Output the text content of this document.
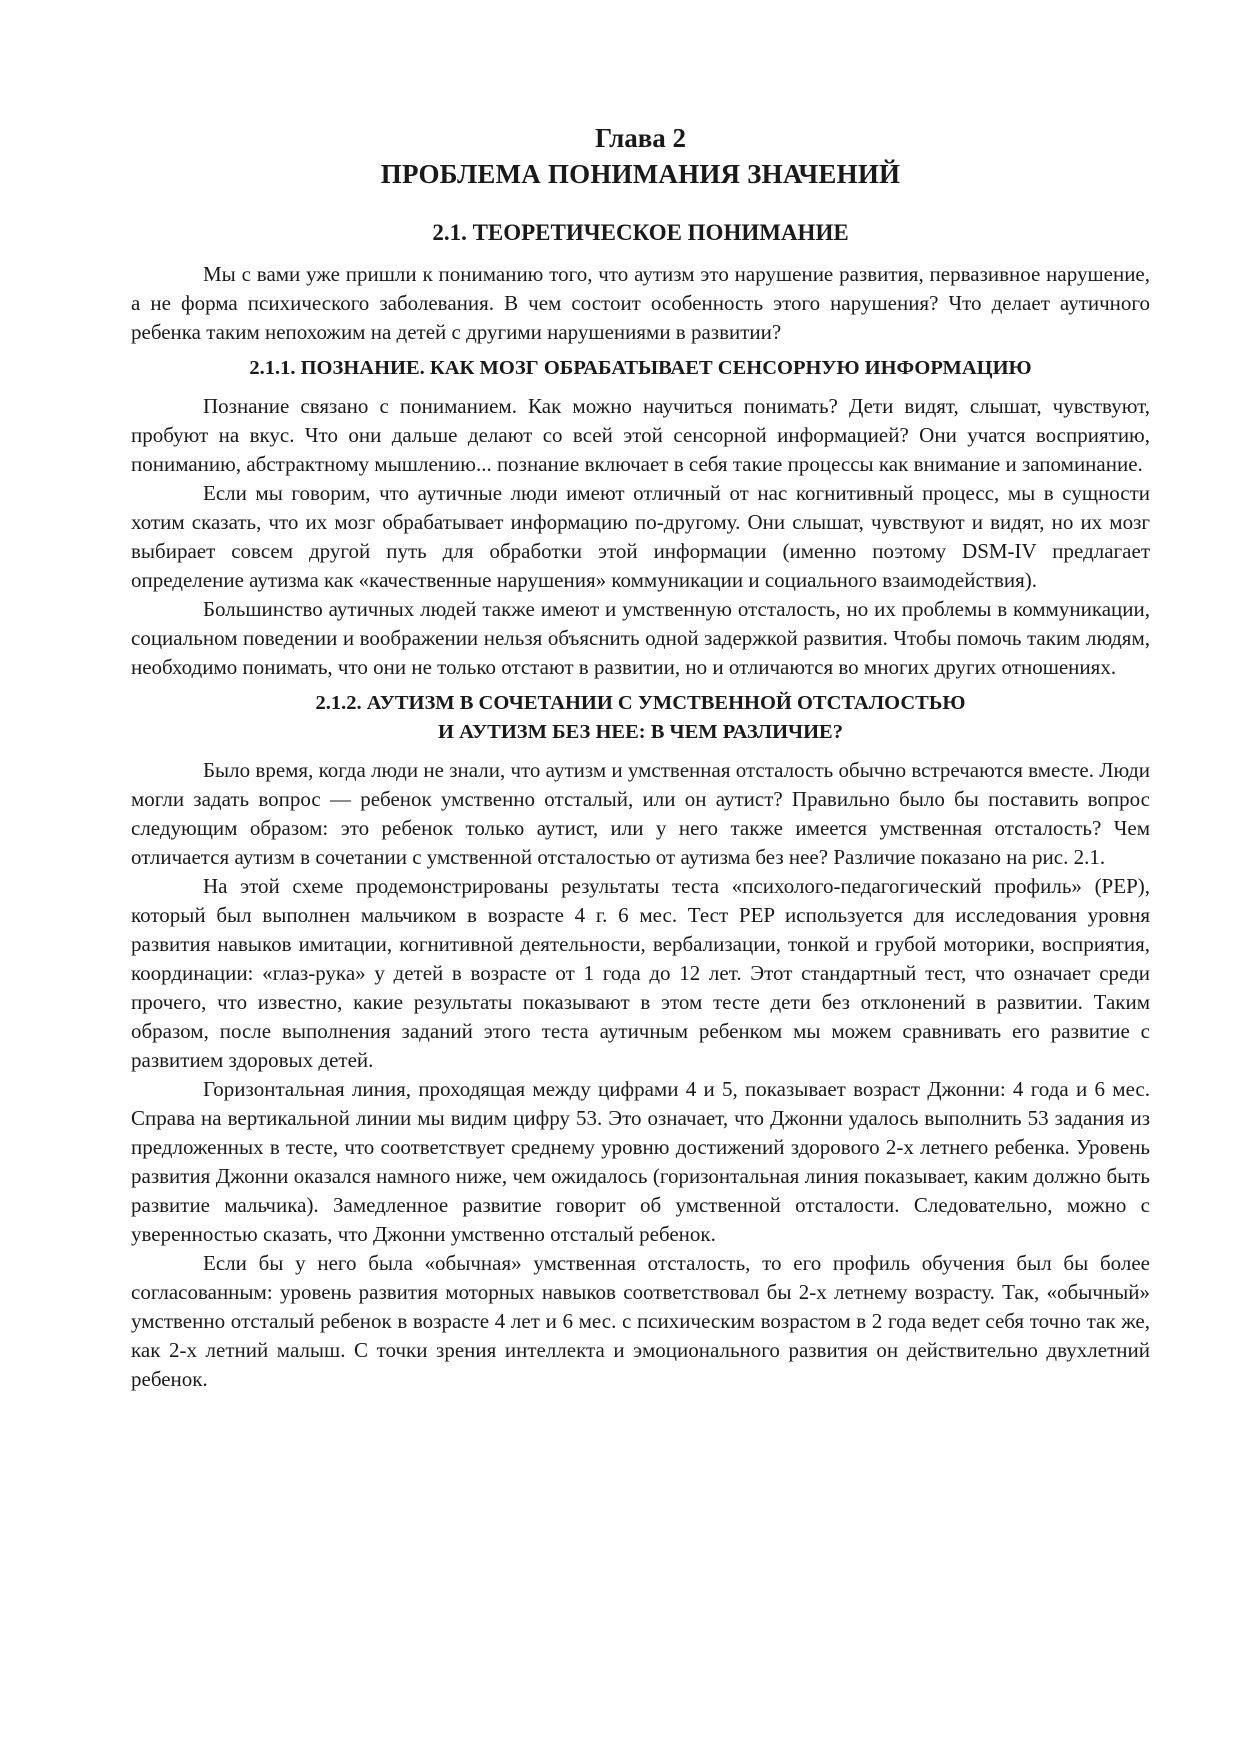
Глава 2
ПРОБЛЕМА ПОНИМАНИЯ ЗНАЧЕНИЙ
2.1. ТЕОРЕТИЧЕСКОЕ ПОНИМАНИЕ

Мы с вами уже пришли к пониманию того, что аутизм это нарушение развития, первазивное нарушение, а не форма психического заболевания. В чем состоит особенность этого нарушения? Что делает аутичного ребенка таким непохожим на детей с другими нарушениями в развитии?

2.1.1. ПОЗНАНИЕ. КАК МОЗГ ОБРАБАТЫВАЕТ СЕНСОРНУЮ ИНФОРМАЦИЮ

Познание связано с пониманием. Как можно научиться понимать? Дети видят, слышат, чувствуют, пробуют на вкус. Что они дальше делают со всей этой сенсорной информацией? Они учатся восприятию, пониманию, абстрактному мышлению... познание включает в себя такие процессы как внимание и запоминание.

Если мы говорим, что аутичные люди имеют отличный от нас когнитивный процесс, мы в сущности хотим сказать, что их мозг обрабатывает информацию по-другому. Они слышат, чувствуют и видят, но их мозг выбирает совсем другой путь для обработки этой информации (именно поэтому DSM-IV предлагает определение аутизма как «качественные нарушения» коммуникации и социального взаимодействия).

Большинство аутичных людей также имеют и умственную отсталость, но их проблемы в коммуникации, социальном поведении и воображении нельзя объяснить одной задержкой развития. Чтобы помочь таким людям, необходимо понимать, что они не только отстают в развитии, но и отличаются во многих других отношениях.

2.1.2. АУТИЗМ В СОЧЕТАНИИ С УМСТВЕННОЙ ОТСТАЛОСТЬЮ
И АУТИЗМ БЕЗ НЕЕ: В ЧЕМ РАЗЛИЧИЕ?

Было время, когда люди не знали, что аутизм и умственная отсталость обычно встречаются вместе. Люди могли задать вопрос — ребенок умственно отсталый, или он аутист? Правильно было бы поставить вопрос следующим образом: это ребенок только аутист, или у него также имеется умственная отсталость? Чем отличается аутизм в сочетании с умственной отсталостью от аутизма без нее? Различие показано на рис. 2.1.

На этой схеме продемонстрированы результаты теста «психолого-педагогический профиль» (PEP), который был выполнен мальчиком в возрасте 4 г. 6 мес. Тест PEP используется для исследования уровня развития навыков имитации, когнитивной деятельности, вербализации, тонкой и грубой моторики, восприятия, координации: «глаз-рука» у детей в возрасте от 1 года до 12 лет. Этот стандартный тест, что означает среди прочего, что известно, какие результаты показывают в этом тесте дети без отклонений в развитии. Таким образом, после выполнения заданий этого теста аутичным ребенком мы можем сравнивать его развитие с развитием здоровых детей.

Горизонтальная линия, проходящая между цифрами 4 и 5, показывает возраст Джонни: 4 года и 6 мес. Справа на вертикальной линии мы видим цифру 53. Это означает, что Джонни удалось выполнить 53 задания из предложенных в тесте, что соответствует среднему уровню достижений здорового 2-х летнего ребенка. Уровень развития Джонни оказался намного ниже, чем ожидалось (горизонтальная линия показывает, каким должно быть развитие мальчика). Замедленное развитие говорит об умственной отсталости. Следовательно, можно с уверенностью сказать, что Джонни умственно отсталый ребенок.

Если бы у него была «обычная» умственная отсталость, то его профиль обучения был бы более согласованным: уровень развития моторных навыков соответствовал бы 2-х летнему возрасту. Так, «обычный» умственно отсталый ребенок в возрасте 4 лет и 6 мес. с психическим возрастом в 2 года ведет себя точно так же, как 2-х летний малыш. С точки зрения интеллекта и эмоционального развития он действительно двухлетний ребенок.
